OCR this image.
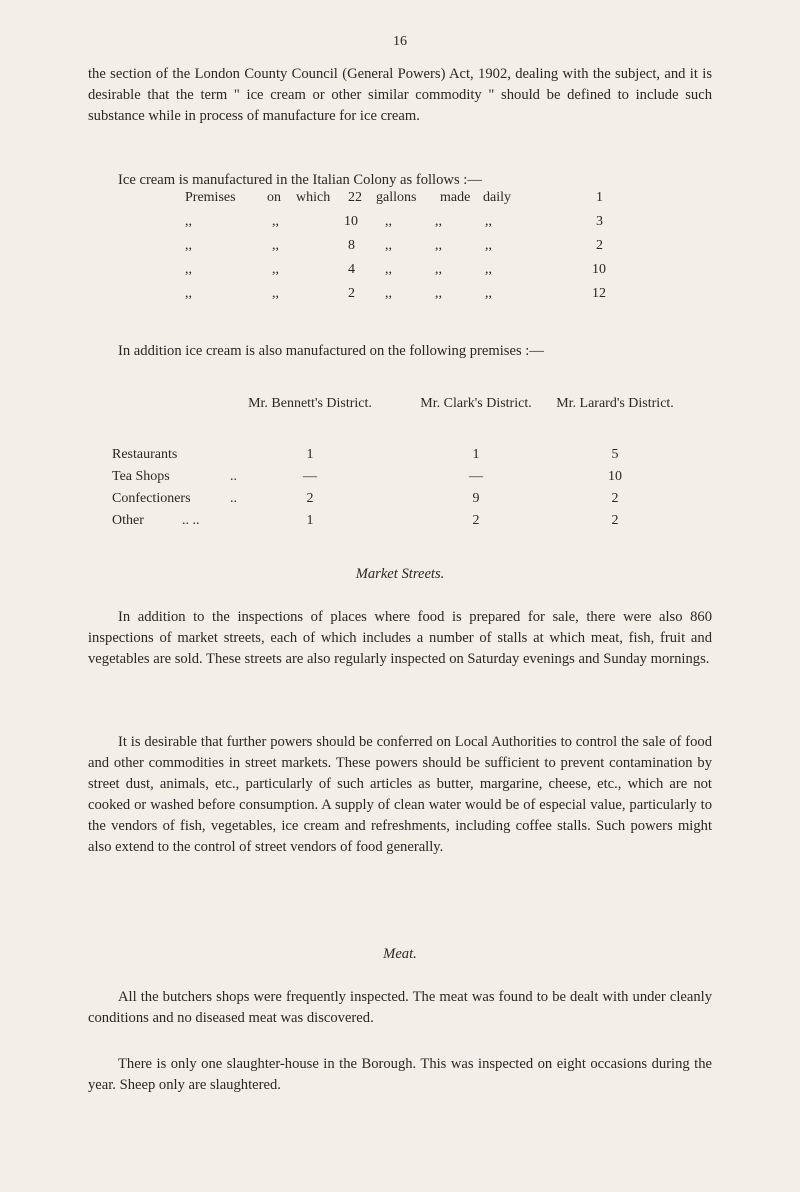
16

the section of the London County Council (General Powers) Act, 1902, dealing with the subject, and it is desirable that the term " ice cream or other similar commodity " should be defined to include such substance while in process of manufacture for ice cream.

Ice cream is manufactured in the Italian Colony as follows :—

Premises on which 22 gallons made daily	1
,,	,,	10 ,,	,,	,,	3
,,	,,	8 ,,	,,	,,	2
,,	,,	4 ,,	,,	,,	10
,,	,,	2 ,,	,,	,,	12

In addition ice cream is also manufactured on the following premises :—

Mr. Bennett's District.	Mr. Clark's District.	Mr. Larard's District.
Restaurants	1	1	5
Tea Shops	..	—	—	10
Confectioners	..	2	9	2
Other	.. ..	1	2	2
Market Streets.

In addition to the inspections of places where food is prepared for sale, there were also 860 inspections of market streets, each of which includes a number of stalls at which meat, fish, fruit and vegetables are sold. These streets are also regularly inspected on Saturday evenings and Sunday mornings.

It is desirable that further powers should be conferred on Local Authorities to control the sale of food and other commodities in street markets. These powers should be sufficient to prevent contamination by street dust, animals, etc., particularly of such articles as butter, margarine, cheese, etc., which are not cooked or washed before consumption. A supply of clean water would be of especial value, particularly to the vendors of fish, vegetables, ice cream and refreshments, including coffee stalls. Such powers might also extend to the control of street vendors of food generally.

Meat.

All the butchers shops were frequently inspected. The meat was found to be dealt with under cleanly conditions and no diseased meat was discovered.

There is only one slaughter-house in the Borough. This was inspected on eight occasions during the year. Sheep only are slaughtered.
